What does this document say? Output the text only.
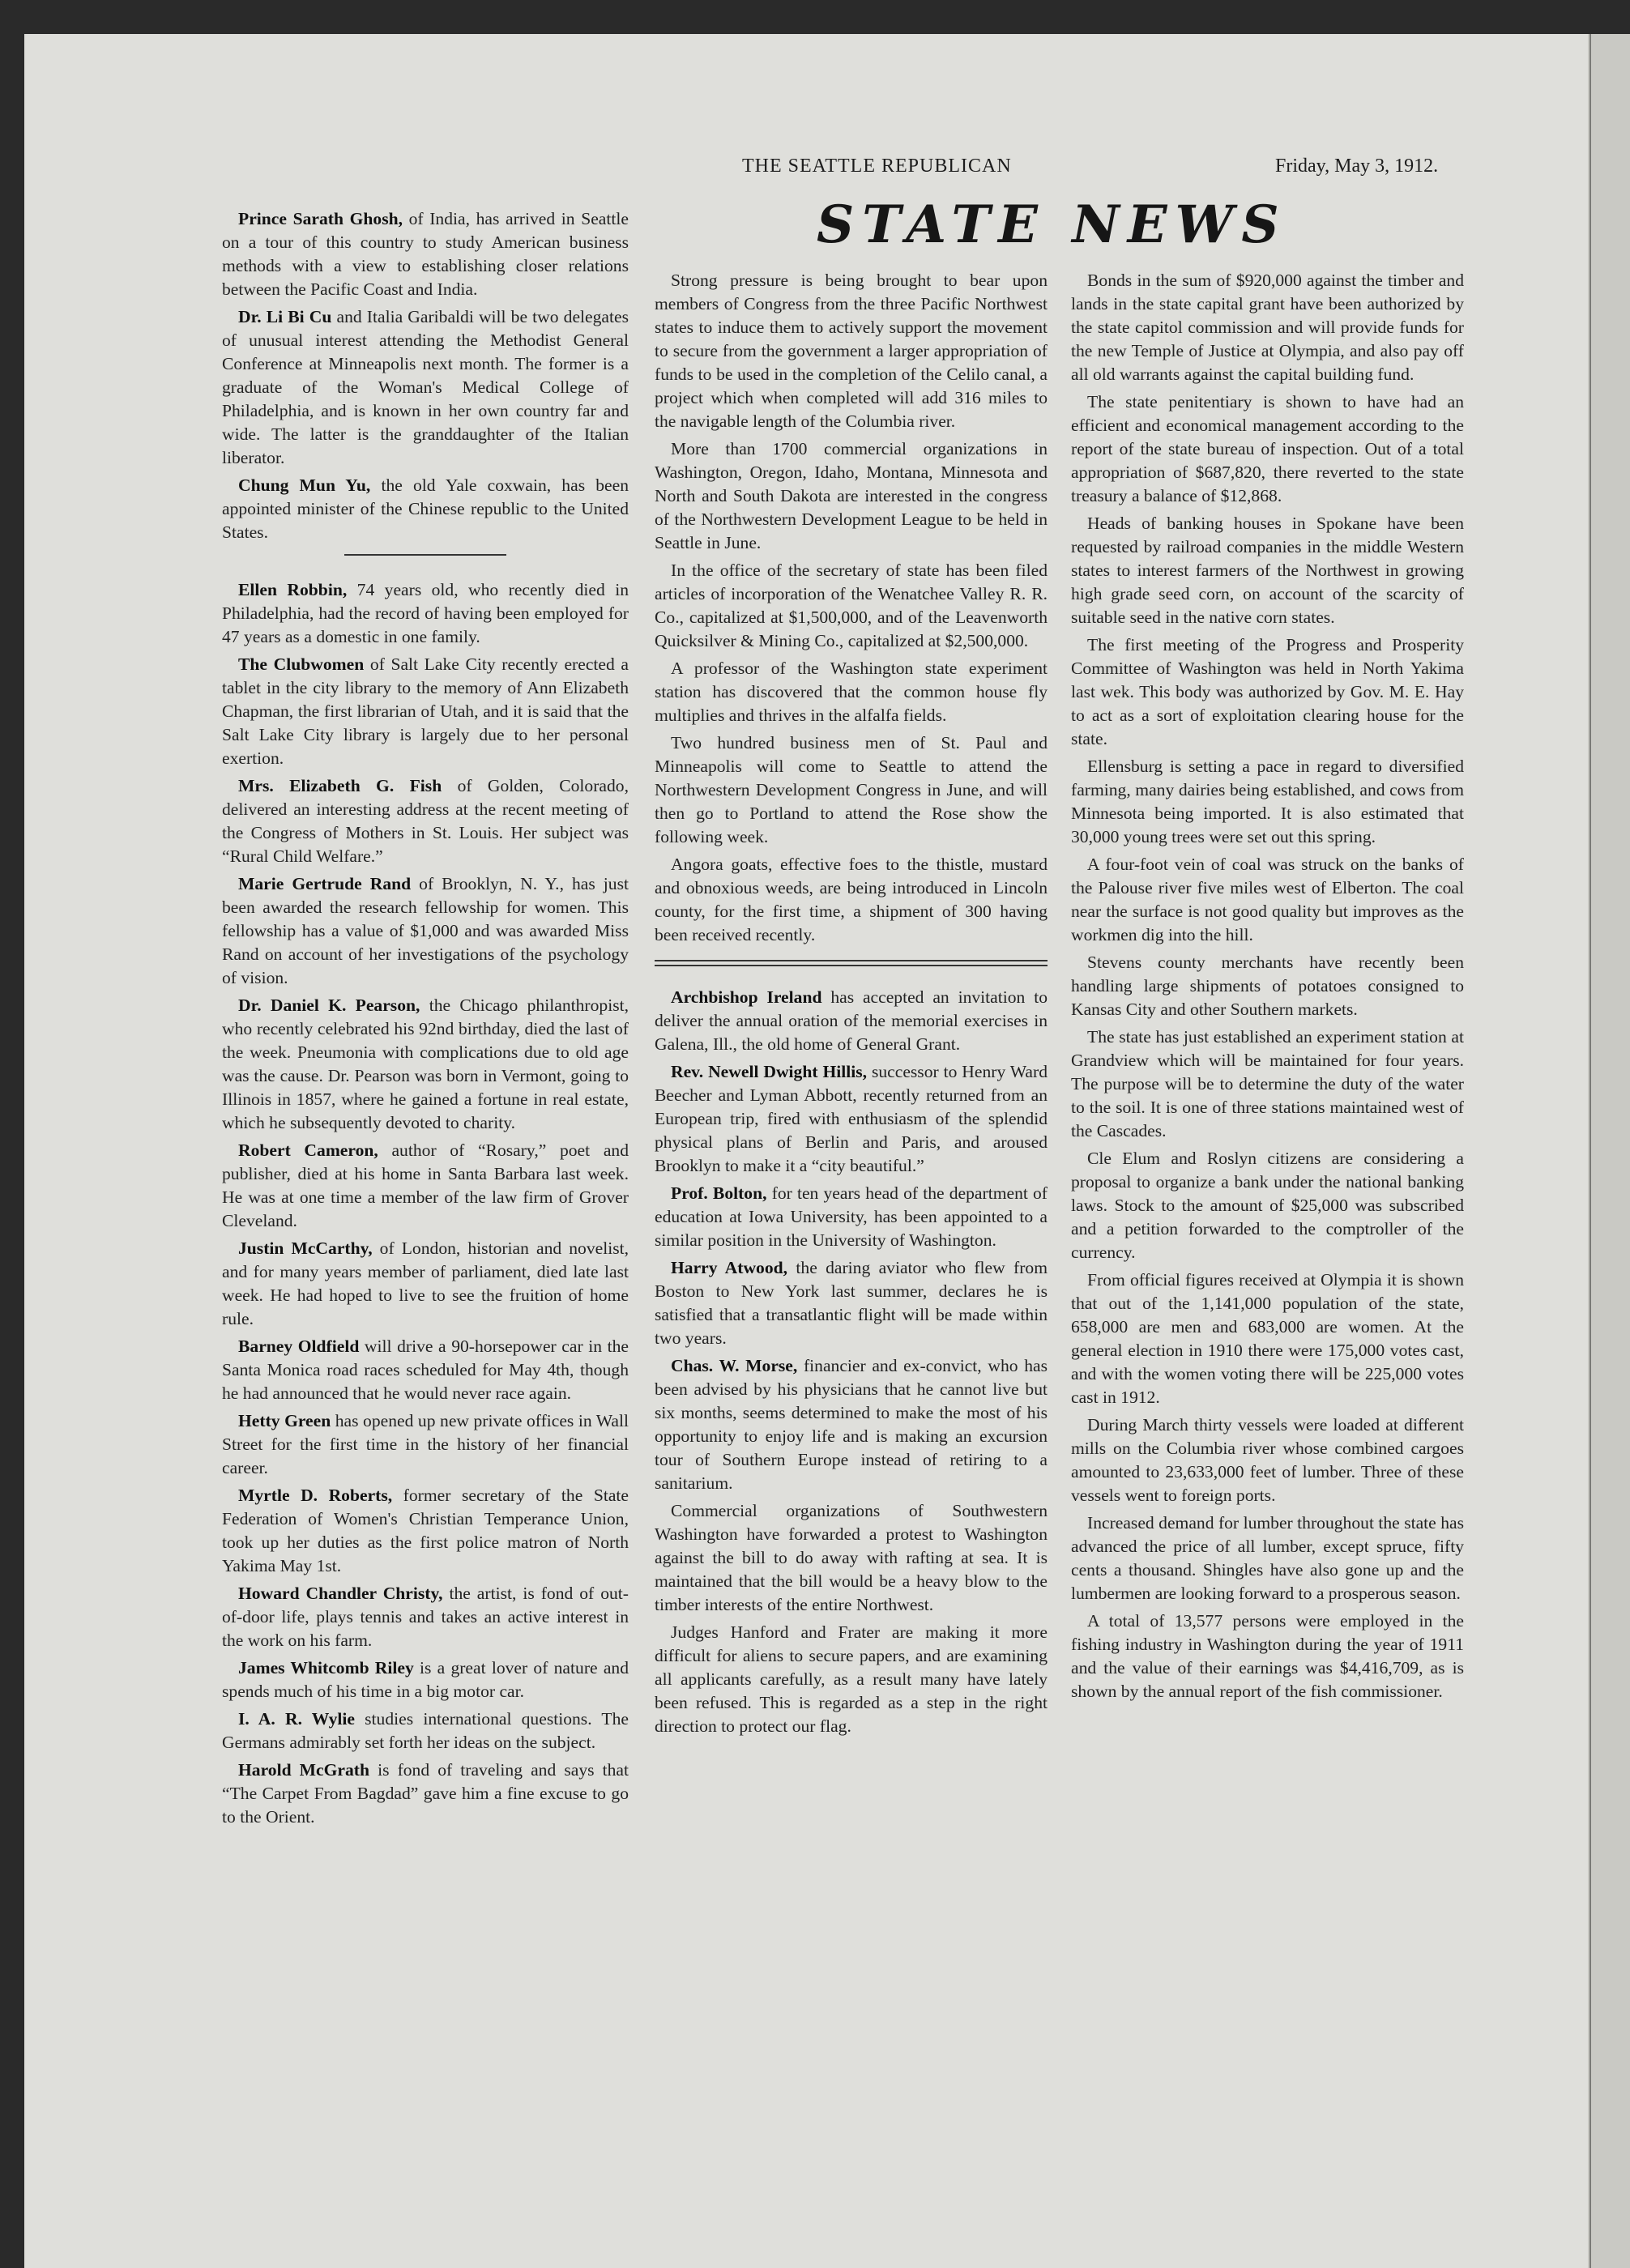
THE SEATTLE REPUBLICAN	Friday, May 3, 1912.
STATE NEWS

Prince Sarath Ghosh, of India, has arrived in Seattle on a tour of this country to study American business methods with a view to establishing closer relations between the Pacific Coast and India.

Dr. Li Bi Cu and Italia Garibaldi will be two delegates of unusual interest attending the Methodist General Conference at Minneapolis next month. The former is a graduate of the Woman's Medical College of Philadelphia, and is known in her own country far and wide. The latter is the granddaughter of the Italian liberator.

Chung Mun Yu, the old Yale coxwain, has been appointed minister of the Chinese republic to the United States.

Ellen Robbin, 74 years old, who recently died in Philadelphia, had the record of having been employed for 47 years as a domestic in one family.

The Clubwomen of Salt Lake City recently erected a tablet in the city library to the memory of Ann Elizabeth Chapman, the first librarian of Utah, and it is said that the Salt Lake City library is largely due to her personal exertion.

Mrs. Elizabeth G. Fish of Golden, Colorado, delivered an interesting address at the recent meeting of the Congress of Mothers in St. Louis. Her subject was “Rural Child Welfare.”

Marie Gertrude Rand of Brooklyn, N. Y., has just been awarded the research fellowship for women. This fellowship has a value of $1,000 and was awarded Miss Rand on account of her investigations of the psychology of vision.

Dr. Daniel K. Pearson, the Chicago philanthropist, who recently celebrated his 92nd birthday, died the last of the week. Pneumonia with complications due to old age was the cause. Dr. Pearson was born in Vermont, going to Illinois in 1857, where he gained a fortune in real estate, which he subsequently devoted to charity.

Robert Cameron, author of “Rosary,” poet and publisher, died at his home in Santa Barbara last week. He was at one time a member of the law firm of Grover Cleveland.

Justin McCarthy, of London, historian and novelist, and for many years member of parliament, died late last week. He had hoped to live to see the fruition of home rule.

Barney Oldfield will drive a 90-horsepower car in the Santa Monica road races scheduled for May 4th, though he had announced that he would never race again.

Hetty Green has opened up new private offices in Wall Street for the first time in the history of her financial career.

Myrtle D. Roberts, former secretary of the State Federation of Women's Christian Temperance Union, took up her duties as the first police matron of North Yakima May 1st.

Howard Chandler Christy, the artist, is fond of out-of-door life, plays tennis and takes an active interest in the work on his farm.

James Whitcomb Riley is a great lover of nature and spends much of his time in a big motor car.

I. A. R. Wylie studies international questions. The Germans admirably set forth her ideas on the subject.

Harold McGrath is fond of traveling and says that “The Carpet From Bagdad” gave him a fine excuse to go to the Orient.

Strong pressure is being brought to bear upon members of Congress from the three Pacific Northwest states to induce them to actively support the movement to secure from the government a larger appropriation of funds to be used in the completion of the Celilo canal, a project which when completed will add 316 miles to the navigable length of the Columbia river.

More than 1700 commercial organizations in Washington, Oregon, Idaho, Montana, Minnesota and North and South Dakota are interested in the congress of the Northwestern Development League to be held in Seattle in June.

In the office of the secretary of state has been filed articles of incorporation of the Wenatchee Valley R. R. Co., capitalized at $1,500,000, and of the Leavenworth Quicksilver & Mining Co., capitalized at $2,500,000.

A professor of the Washington state experiment station has discovered that the common house fly multiplies and thrives in the alfalfa fields.

Two hundred business men of St. Paul and Minneapolis will come to Seattle to attend the Northwestern Development Congress in June, and will then go to Portland to attend the Rose show the following week.

Angora goats, effective foes to the thistle, mustard and obnoxious weeds, are being introduced in Lincoln county, for the first time, a shipment of 300 having been received recently.

Archbishop Ireland has accepted an invitation to deliver the annual oration of the memorial exercises in Galena, Ill., the old home of General Grant.

Rev. Newell Dwight Hillis, successor to Henry Ward Beecher and Lyman Abbott, recently returned from an European trip, fired with enthusiasm of the splendid physical plans of Berlin and Paris, and aroused Brooklyn to make it a “city beautiful.”

Prof. Bolton, for ten years head of the department of education at Iowa University, has been appointed to a similar position in the University of Washington.

Harry Atwood, the daring aviator who flew from Boston to New York last summer, declares he is satisfied that a transatlantic flight will be made within two years.

Chas. W. Morse, financier and ex-convict, who has been advised by his physicians that he cannot live but six months, seems determined to make the most of his opportunity to enjoy life and is making an excursion tour of Southern Europe instead of retiring to a sanitarium.

Commercial organizations of Southwestern Washington have forwarded a protest to Washington against the bill to do away with rafting at sea. It is maintained that the bill would be a heavy blow to the timber interests of the entire Northwest.

Judges Hanford and Frater are making it more difficult for aliens to secure papers, and are examining all applicants carefully, as a result many have lately been refused. This is regarded as a step in the right direction to protect our flag.

Bonds in the sum of $920,000 against the timber and lands in the state capital grant have been authorized by the state capitol commission and will provide funds for the new Temple of Justice at Olympia, and also pay off all old warrants against the capital building fund.

The state penitentiary is shown to have had an efficient and economical management according to the report of the state bureau of inspection. Out of a total appropriation of $687,820, there reverted to the state treasury a balance of $12,868.

Heads of banking houses in Spokane have been requested by railroad companies in the middle Western states to interest farmers of the Northwest in growing high grade seed corn, on account of the scarcity of suitable seed in the native corn states.

The first meeting of the Progress and Prosperity Committee of Washington was held in North Yakima last wek. This body was authorized by Gov. M. E. Hay to act as a sort of exploitation clearing house for the state.

Ellensburg is setting a pace in regard to diversified farming, many dairies being established, and cows from Minnesota being imported. It is also estimated that 30,000 young trees were set out this spring.

A four-foot vein of coal was struck on the banks of the Palouse river five miles west of Elberton. The coal near the surface is not good quality but improves as the workmen dig into the hill.

Stevens county merchants have recently been handling large shipments of potatoes consigned to Kansas City and other Southern markets.

The state has just established an experiment station at Grandview which will be maintained for four years. The purpose will be to determine the duty of the water to the soil. It is one of three stations maintained west of the Cascades.

Cle Elum and Roslyn citizens are considering a proposal to organize a bank under the national banking laws. Stock to the amount of $25,000 was subscribed and a petition forwarded to the comptroller of the currency.

From official figures received at Olympia it is shown that out of the 1,141,000 population of the state, 658,000 are men and 683,000 are women. At the general election in 1910 there were 175,000 votes cast, and with the women voting there will be 225,000 votes cast in 1912.

During March thirty vessels were loaded at different mills on the Columbia river whose combined cargoes amounted to 23,633,000 feet of lumber. Three of these vessels went to foreign ports.

Increased demand for lumber throughout the state has advanced the price of all lumber, except spruce, fifty cents a thousand. Shingles have also gone up and the lumbermen are looking forward to a prosperous season.

A total of 13,577 persons were employed in the fishing industry in Washington during the year of 1911 and the value of their earnings was $4,416,709, as is shown by the annual report of the fish commissioner.
